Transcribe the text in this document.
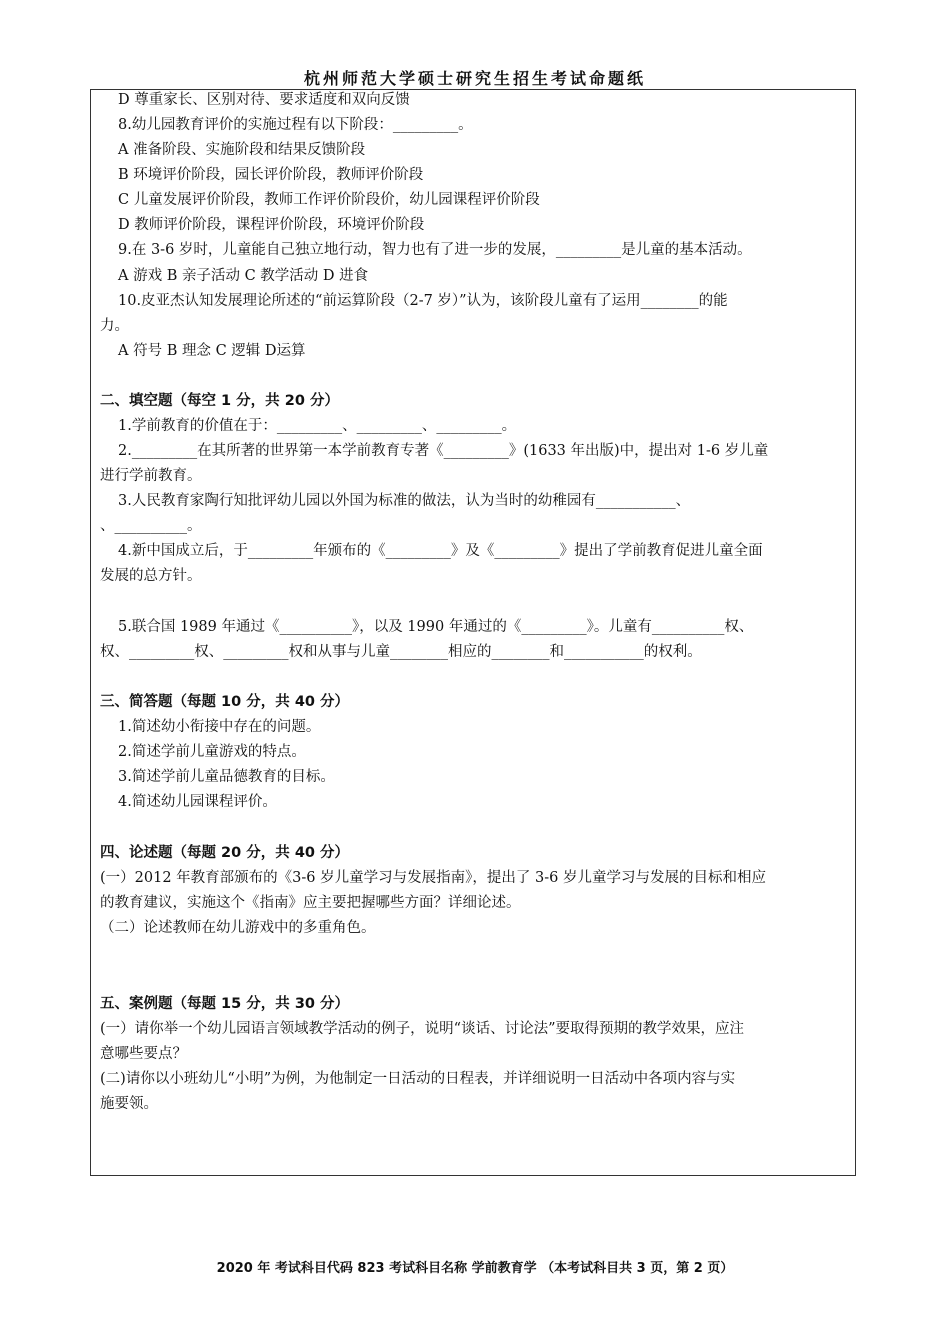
杭州师范大学硕士研究生招生考试命题纸
D 尊重家长、区别对待、要求适度和双向反馈
8.幼儿园教育评价的实施过程有以下阶段：_________。
A 准备阶段、实施阶段和结果反馈阶段
B 环境评价阶段，园长评价阶段，教师评价阶段
C 儿童发展评价阶段，教师工作评价阶段价，幼儿园课程评价阶段
D 教师评价阶段，课程评价阶段，环境评价阶段
9.在 3-6 岁时，儿童能自己独立地行动，智力也有了进一步的发展，_________是儿童的基本活动。
A 游戏 B 亲子活动 C 教学活动 D 进食
10.皮亚杰认知发展理论所述的“前运算阶段（2-7 岁）”认为，该阶段儿童有了运用________的能
力。
A 符号 B 理念 C 逻辑 D运算
二、填空题（每空 1 分，共 20 分）
1.学前教育的价值在于：_________、_________、_________。
2._________在其所著的世界第一本学前教育专著《_________》(1633 年出版)中，提出对 1-6 岁儿童
进行学前教育。
3.人民教育家陶行知批评幼儿园以外国为标准的做法，认为当时的幼稚园有___________、
、__________。
4.新中国成立后，于_________年颁布的《_________》及《_________》提出了学前教育促进儿童全面
发展的总方针。
5.联合国 1989 年通过《__________》，以及 1990 年通过的《_________》。儿童有__________权、
权、_________权、_________权和从事与儿童________相应的________和___________的权利。
三、简答题（每题 10 分，共 40 分）
1.简述幼小衔接中存在的问题。
2.简述学前儿童游戏的特点。
3.简述学前儿童品德教育的目标。
4.简述幼儿园课程评价。
四、论述题（每题 20 分，共 40 分）
(一）2012 年教育部颁布的《3-6 岁儿童学习与发展指南》，提出了 3-6 岁儿童学习与发展的目标和相应
的教育建议，实施这个《指南》应主要把握哪些方面？详细论述。
（二）论述教师在幼儿游戏中的多重角色。
五、案例题（每题 15 分，共 30 分）
(一）请你举一个幼儿园语言领域教学活动的例子，说明“谈话、讨论法”要取得预期的教学效果，应注
意哪些要点？
(二)请你以小班幼儿“小明”为例，为他制定一日活动的日程表，并详细说明一日活动中各项内容与实
施要领。
2020 年 考试科目代码 823 考试科目名称 学前教育学 （本考试科目共 3 页，第 2 页）
